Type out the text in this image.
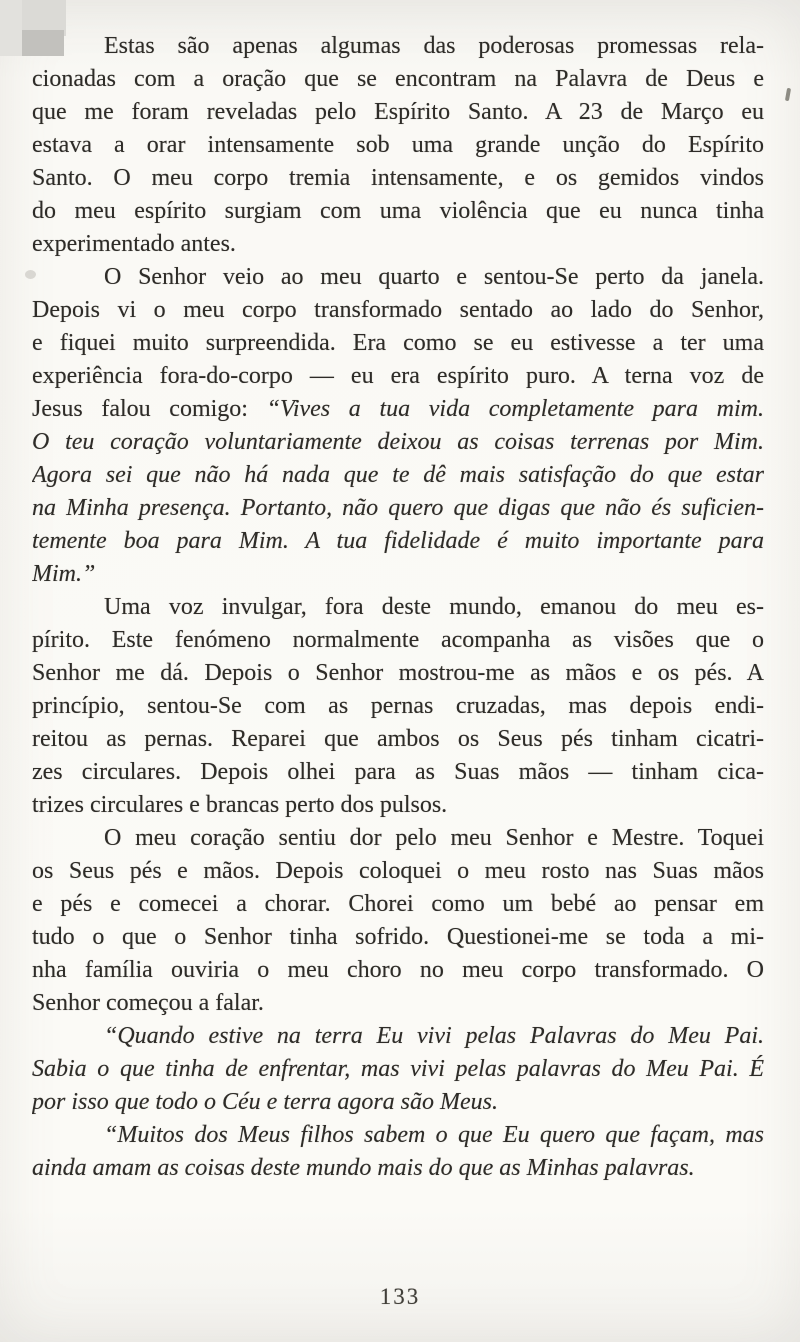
Estas são apenas algumas das poderosas promessas rela-
cionadas com a oração que se encontram na Palavra de Deus e
que me foram reveladas pelo Espírito Santo. A 23 de Março eu
estava a orar intensamente sob uma grande unção do Espírito
Santo. O meu corpo tremia intensamente, e os gemidos vindos
do meu espírito surgiam com uma violência que eu nunca tinha
experimentado antes.
O Senhor veio ao meu quarto e sentou-Se perto da janela.
Depois vi o meu corpo transformado sentado ao lado do Senhor,
e fiquei muito surpreendida. Era como se eu estivesse a ter uma
experiência fora-do-corpo — eu era espírito puro. A terna voz de
Jesus falou comigo: “Vives a tua vida completamente para mim.
O teu coração voluntariamente deixou as coisas terrenas por Mim.
Agora sei que não há nada que te dê mais satisfação do que estar
na Minha presença. Portanto, não quero que digas que não és suficien-
temente boa para Mim. A tua fidelidade é muito importante para
Mim.”
Uma voz invulgar, fora deste mundo, emanou do meu es-
pírito. Este fenómeno normalmente acompanha as visões que o
Senhor me dá. Depois o Senhor mostrou-me as mãos e os pés. A
princípio, sentou-Se com as pernas cruzadas, mas depois endi-
reitou as pernas. Reparei que ambos os Seus pés tinham cicatri-
zes circulares. Depois olhei para as Suas mãos — tinham cica-
trizes circulares e brancas perto dos pulsos.
O meu coração sentiu dor pelo meu Senhor e Mestre. Toquei
os Seus pés e mãos. Depois coloquei o meu rosto nas Suas mãos
e pés e comecei a chorar. Chorei como um bebé ao pensar em
tudo o que o Senhor tinha sofrido. Questionei-me se toda a mi-
nha família ouviria o meu choro no meu corpo transformado. O
Senhor começou a falar.
“Quando estive na terra Eu vivi pelas Palavras do Meu Pai.
Sabia o que tinha de enfrentar, mas vivi pelas palavras do Meu Pai. É
por isso que todo o Céu e terra agora são Meus.
“Muitos dos Meus filhos sabem o que Eu quero que façam, mas
ainda amam as coisas deste mundo mais do que as Minhas palavras.
133
